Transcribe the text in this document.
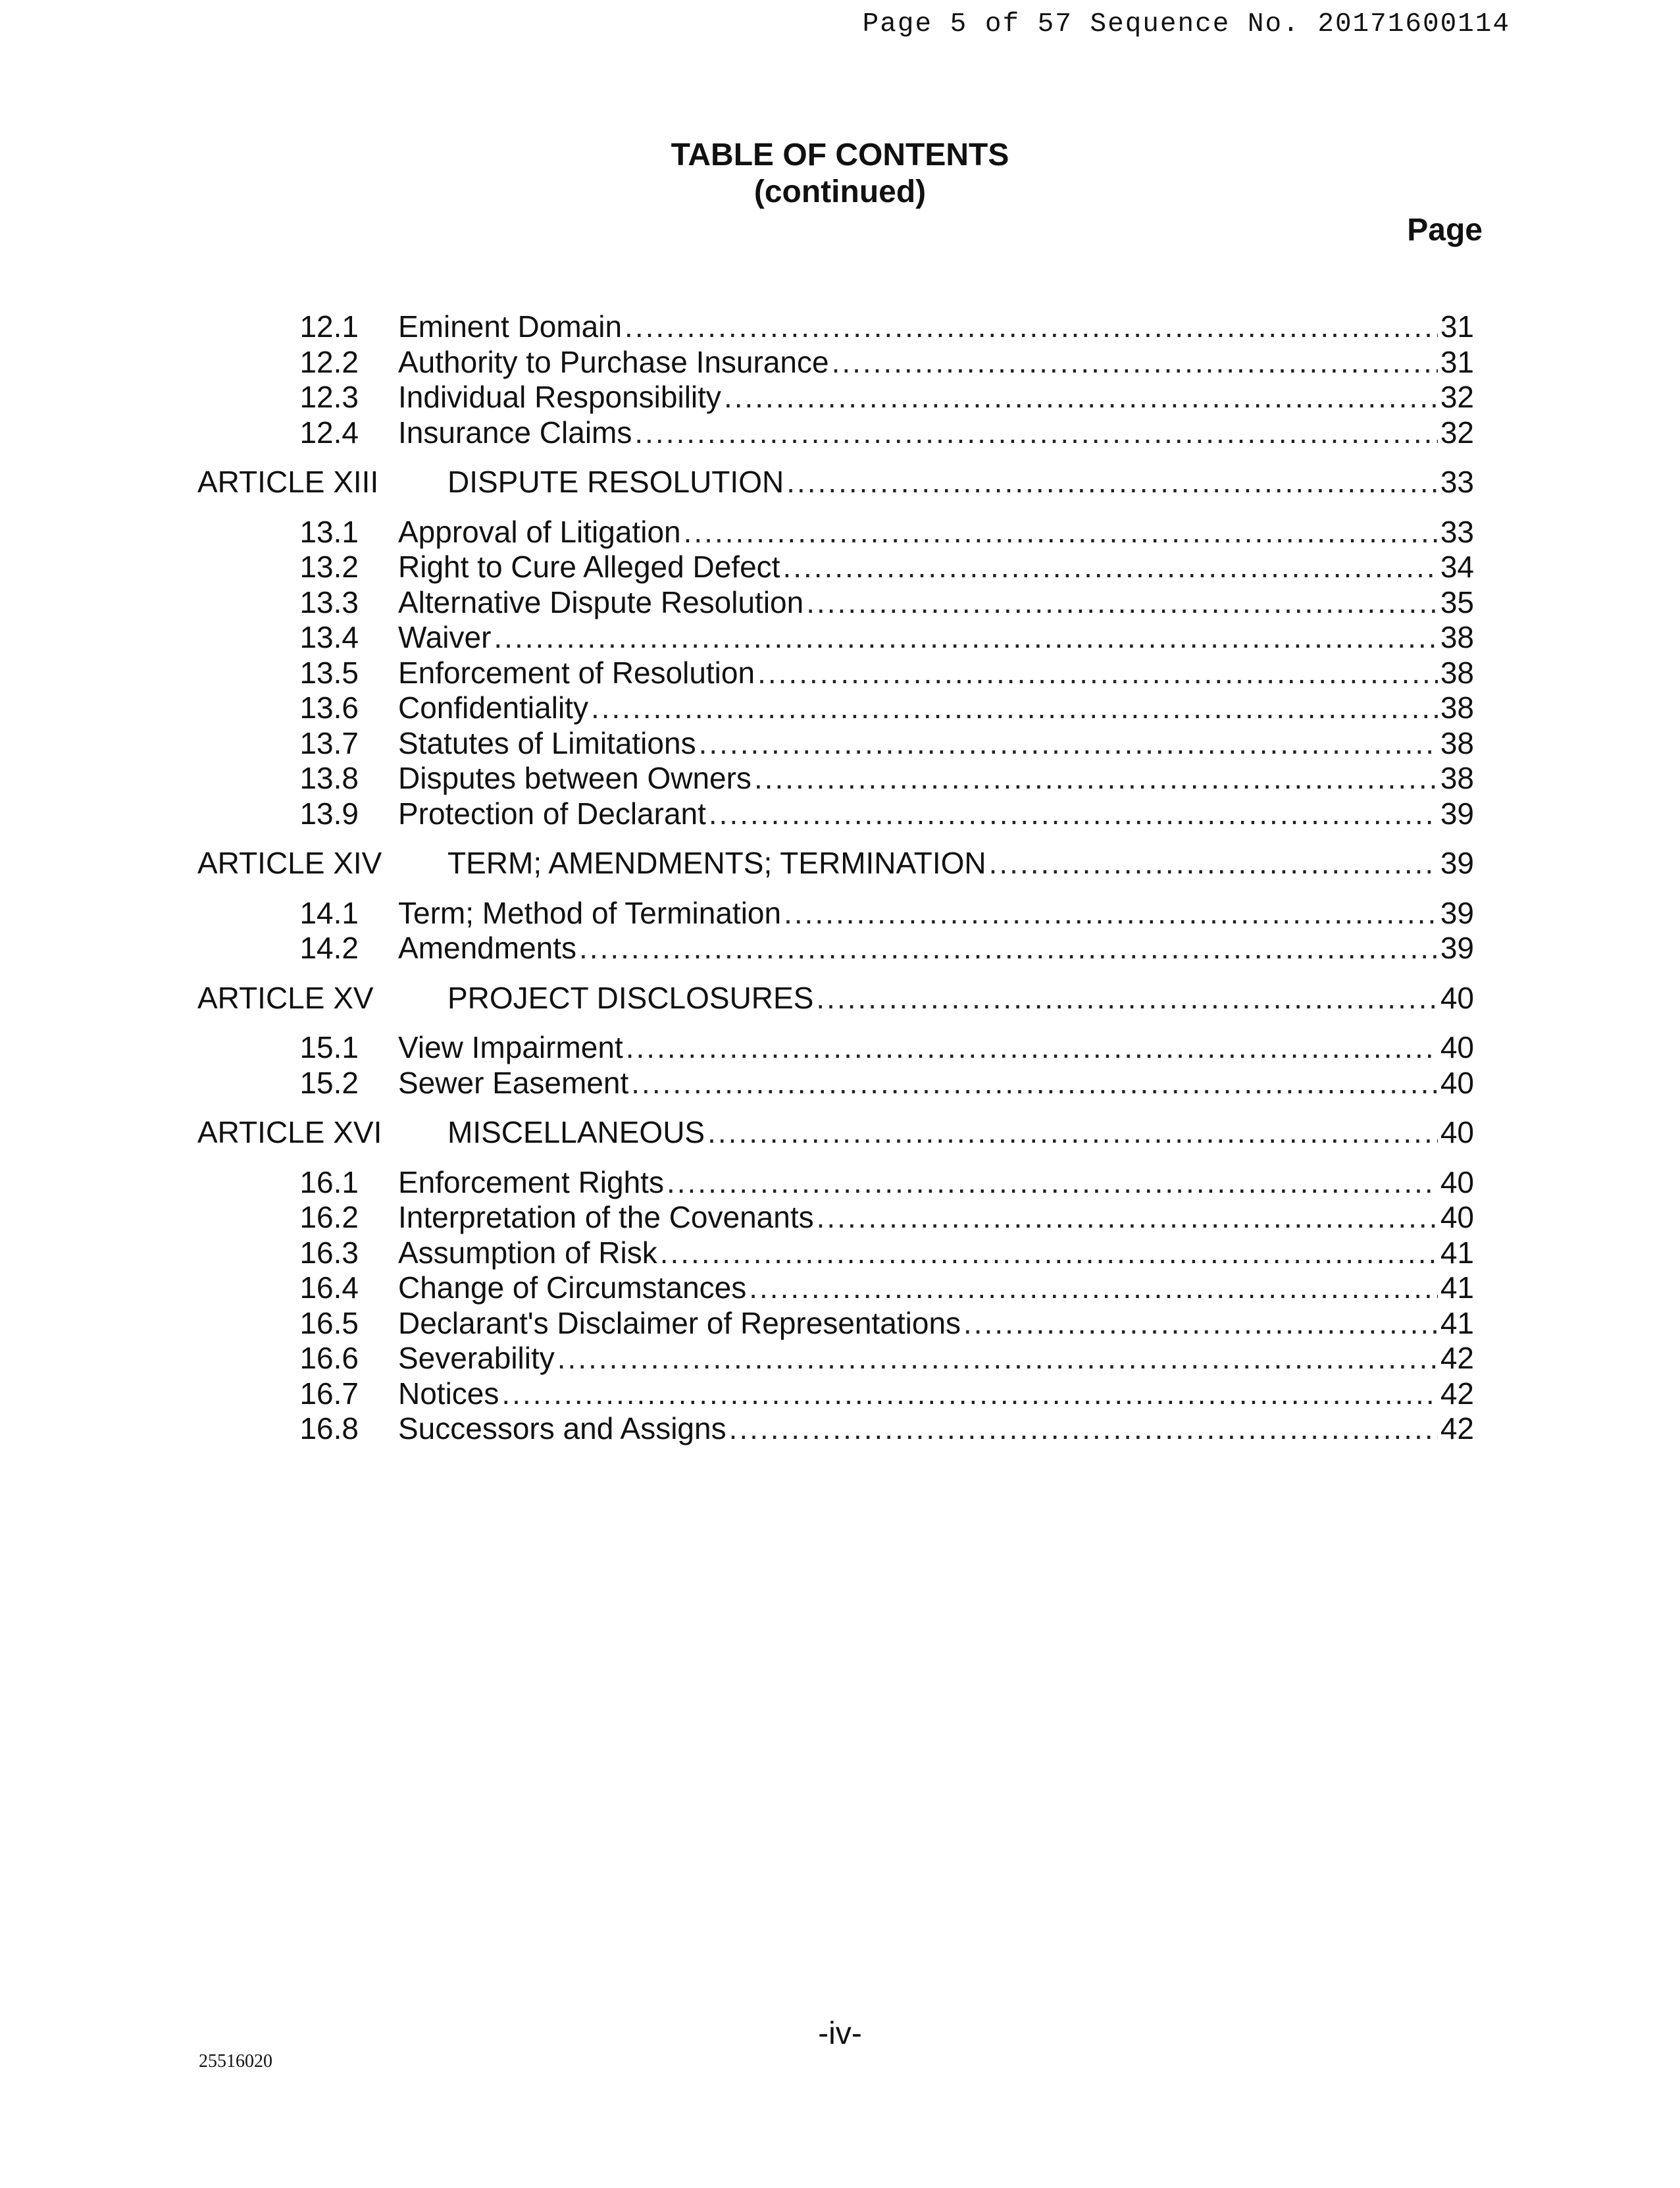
Page 5 of 57 Sequence No. 20171600114
TABLE OF CONTENTS
(continued)
Page
12.1 Eminent Domain .....	31
12.2 Authority to Purchase Insurance .....	31
12.3 Individual Responsibility .....	32
12.4 Insurance Claims .....	32
ARTICLE XIII DISPUTE RESOLUTION .....	33
13.1 Approval of Litigation .....	33
13.2 Right to Cure Alleged Defect .....	34
13.3 Alternative Dispute Resolution .....	35
13.4 Waiver .....	38
13.5 Enforcement of Resolution .....	38
13.6 Confidentiality .....	38
13.7 Statutes of Limitations .....	38
13.8 Disputes between Owners .....	38
13.9 Protection of Declarant .....	39
ARTICLE XIV TERM; AMENDMENTS; TERMINATION .....	39
14.1 Term; Method of Termination .....	39
14.2 Amendments .....	39
ARTICLE XV PROJECT DISCLOSURES .....	40
15.1 View Impairment .....	40
15.2 Sewer Easement .....	40
ARTICLE XVI MISCELLANEOUS .....	40
16.1 Enforcement Rights .....	40
16.2 Interpretation of the Covenants .....	40
16.3 Assumption of Risk .....	41
16.4 Change of Circumstances .....	41
16.5 Declarant's Disclaimer of Representations .....	41
16.6 Severability .....	42
16.7 Notices .....	42
16.8 Successors and Assigns .....	42
-iv-
25516020
